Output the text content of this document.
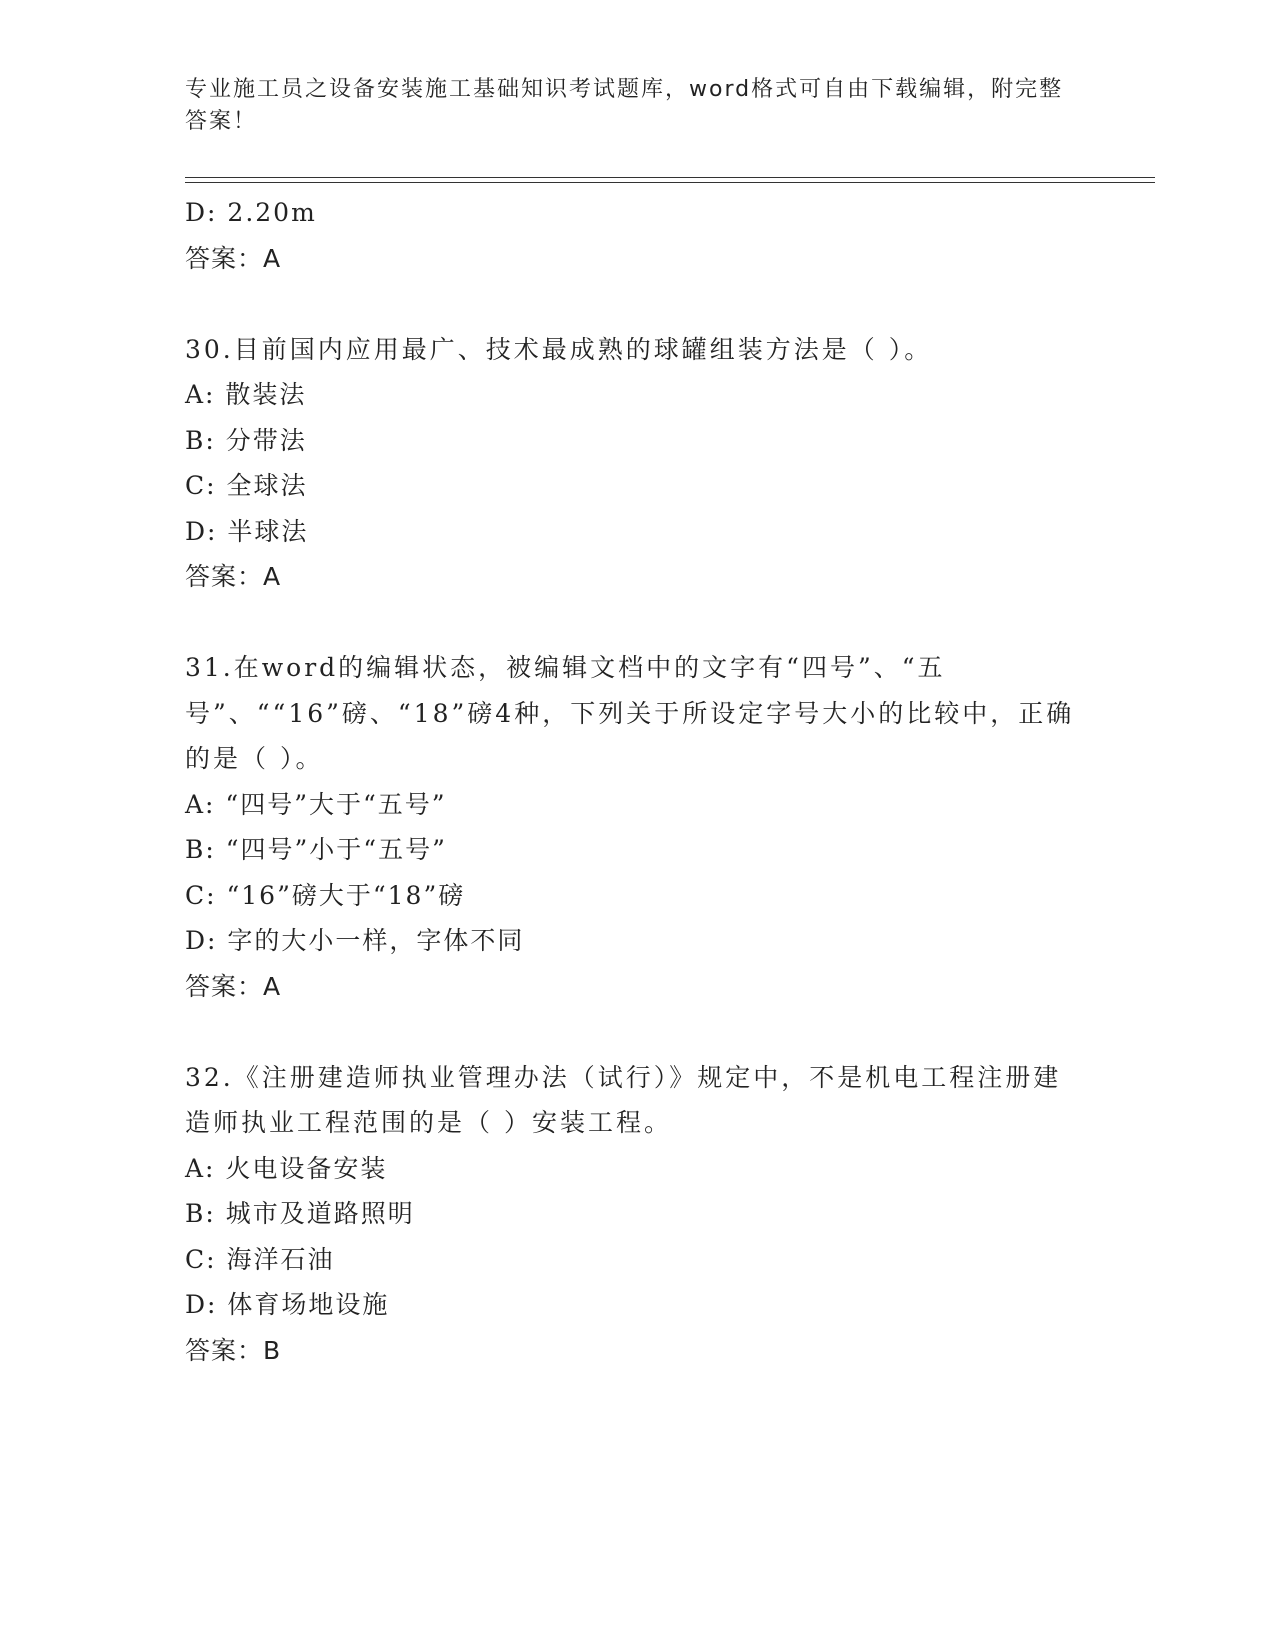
专业施工员之设备安装施工基础知识考试题库，word格式可自由下载编辑，附完整答案！
D: 2.20m
答案：A
30.目前国内应用最广、技术最成熟的球罐组装方法是（ ）。
A: 散装法
B: 分带法
C: 全球法
D: 半球法
答案：A
31.在word的编辑状态，被编辑文档中的文字有“四号”、“五号”、““16”磅、“18”磅4种，下列关于所设定字号大小的比较中，正确的是（ ）。
A: “四号”大于“五号”
B: “四号”小于“五号”
C: “16”磅大于“18”磅
D: 字的大小一样，字体不同
答案：A
32.《注册建造师执业管理办法（试行）》规定中，不是机电工程注册建造师执业工程范围的是（ ）安装工程。
A: 火电设备安装
B: 城市及道路照明
C: 海洋石油
D: 体育场地设施
答案：B
